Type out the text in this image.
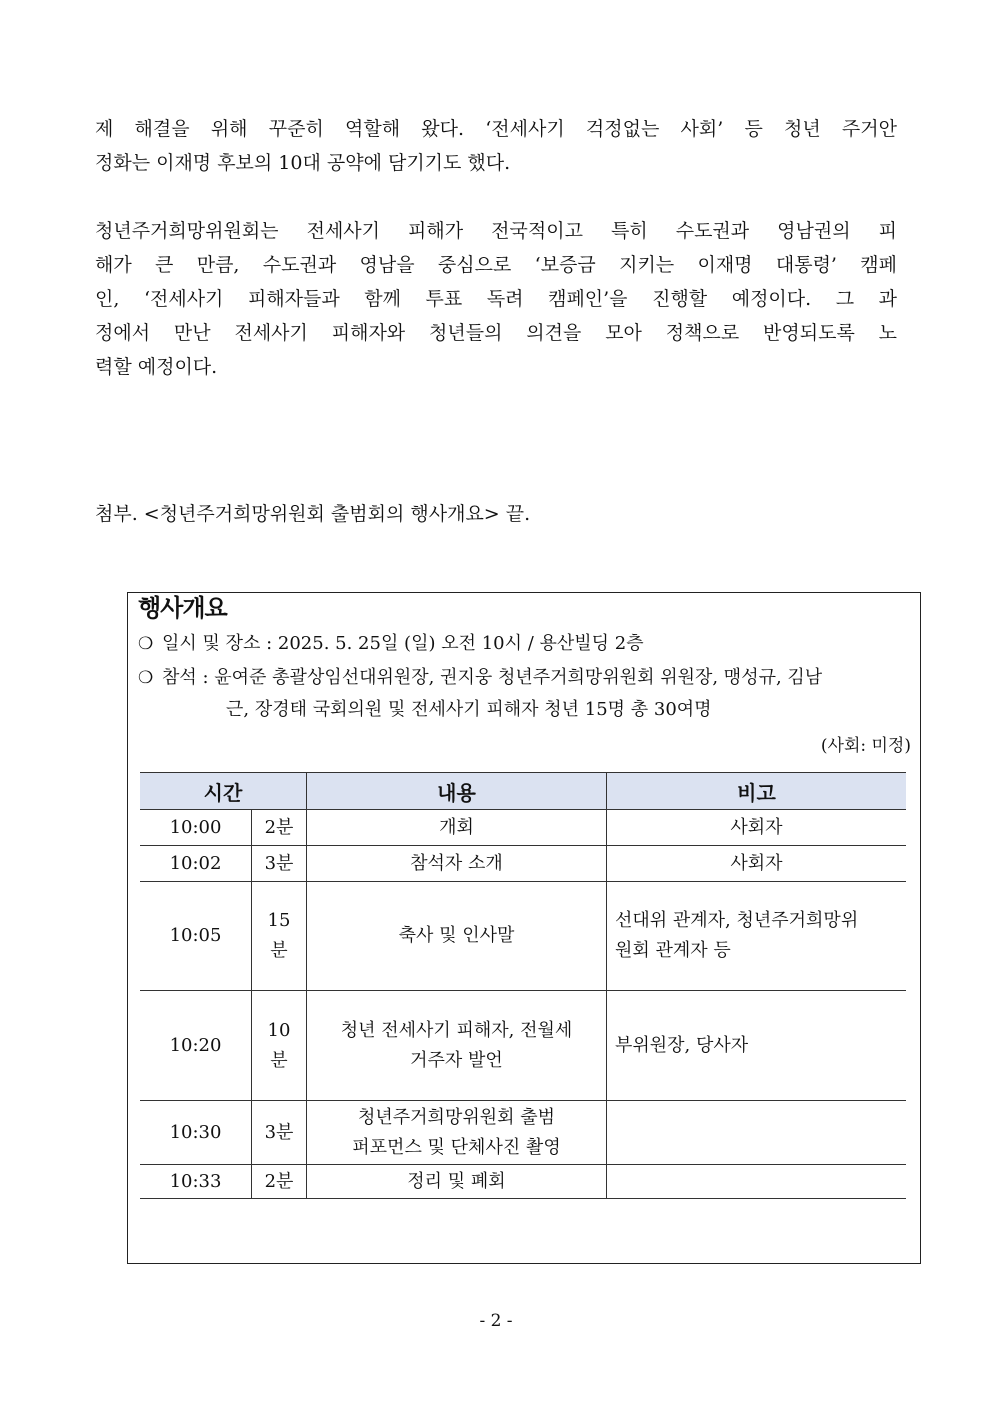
제 해결을 위해 꾸준히 역할해 왔다. ‘전세사기 걱정없는 사회’ 등 청년 주거안
정화는 이재명 후보의 10대 공약에 담기기도 했다.
청년주거희망위원회는 전세사기 피해가 전국적이고 특히 수도권과 영남권의 피
해가 큰 만큼, 수도권과 영남을 중심으로 ‘보증금 지키는 이재명 대통령’ 캠페
인, ‘전세사기 피해자들과 함께 투표 독려 캠페인’을 진행할 예정이다. 그 과
정에서 만난 전세사기 피해자와 청년들의 의견을 모아 정책으로 반영되도록 노
력할 예정이다.
첨부. <청년주거희망위원회 출범회의 행사개요> 끝.
행사개요
❍ 일시 및 장소 : 2025. 5. 25일 (일) 오전 10시 / 용산빌딩 2층
❍ 참석 : 윤여준 총괄상임선대위원장, 권지웅 청년주거희망위원회 위원장, 맹성규, 김남
근, 장경태 국회의원 및 전세사기 피해자 청년 15명 총 30여명
(사회: 미정)
시간		내용	비고
10:00	2분	개회	사회자
10:02	3분	참석자 소개	사회자
10:05	15
분	축사 및 인사말	선대위 관계자, 청년주거희망위
원회 관계자 등
10:20	10
분	청년 전세사기 피해자, 전월세
거주자 발언	부위원장, 당사자
10:30	3분	청년주거희망위원회 출범
퍼포먼스 및 단체사진 촬영	
10:33	2분	정리 및 폐회	
- 2 -
